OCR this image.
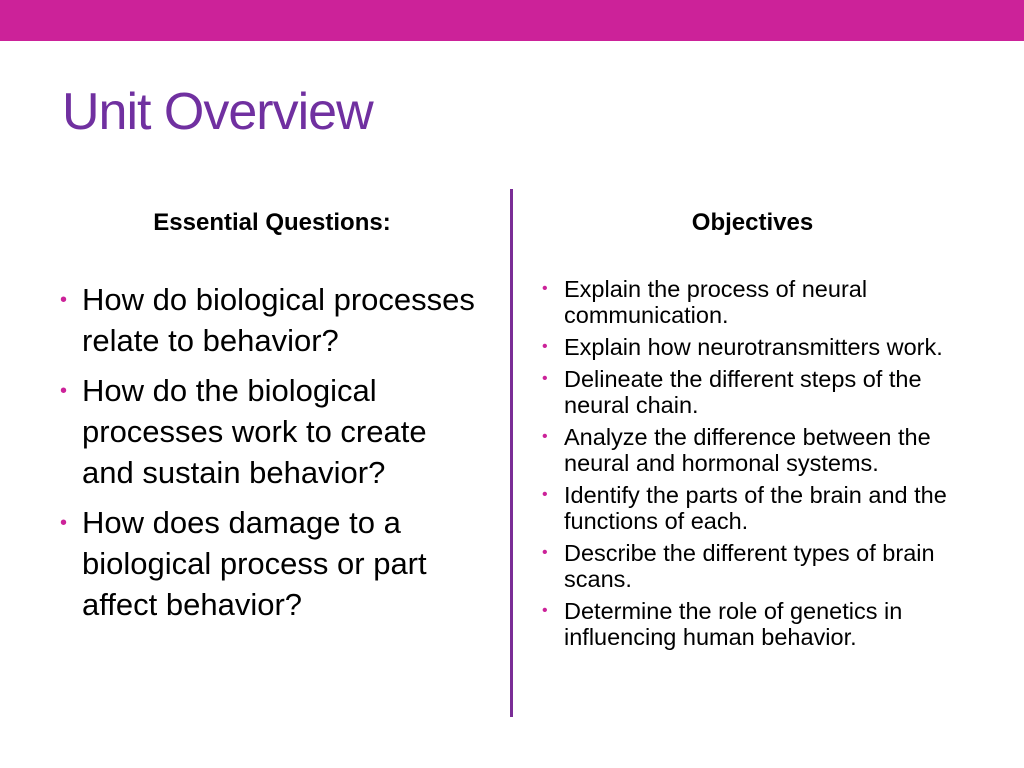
Unit Overview
Essential Questions:
• How do biological processes relate to behavior?
• How do the biological processes work to create and sustain behavior?
• How does damage to a biological process or part affect behavior?
Objectives
• Explain the process of neural communication.
• Explain how neurotransmitters work.
• Delineate the different steps of the neural chain.
• Analyze the difference between the neural and hormonal systems.
• Identify the parts of the brain and the functions of each.
• Describe the different types of brain scans.
• Determine the role of genetics in influencing human behavior.
